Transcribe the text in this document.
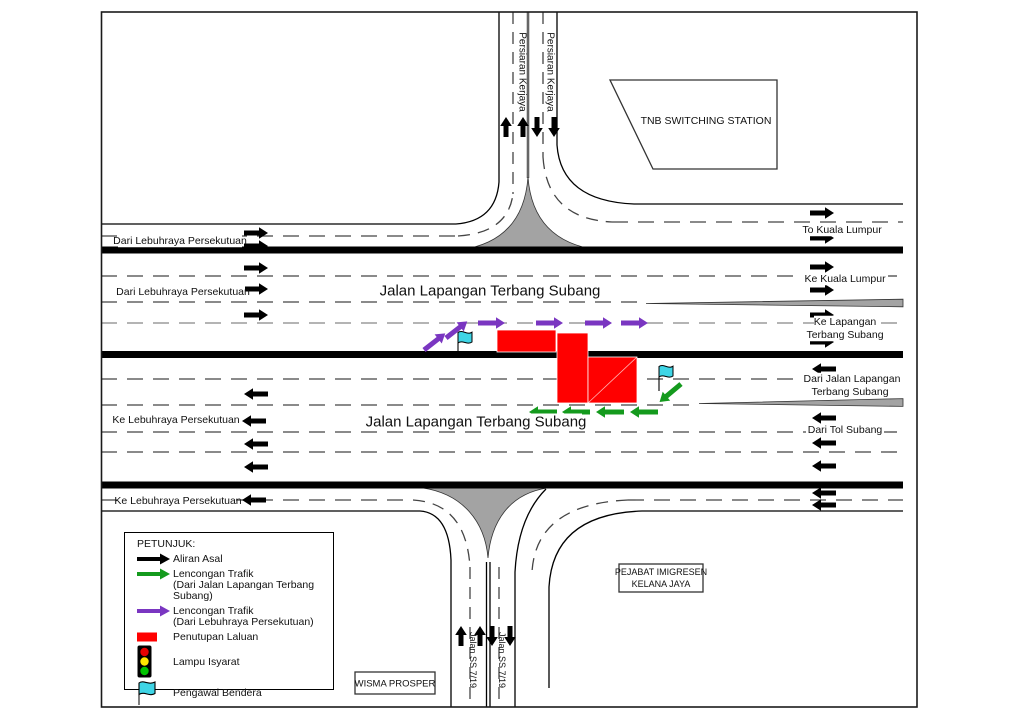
Dari Lebuhraya Persekutuan
Dari Lebuhraya Persekutuan
Ke Lebuhraya Persekutuan
Ke Lebuhraya Persekutuan
Jalan Lapangan Terbang Subang
Jalan Lapangan Terbang Subang
To Kuala Lumpur
Ke Kuala Lumpur
Ke Lapangan
Terbang Subang
Dari Jalan Lapangan
Terbang Subang
Dari Tol Subang
Persiaran Kerjaya Persiaran Kerjaya
Jalan SS 7/19 Jalan SS 7/19
TNB SWITCHING STATION
PEJABAT IMIGRESEN
KELANA JAYA
WISMA PROSPER
PETUNJUK:
Aliran Asal
Lencongan Trafik
(Dari Jalan Lapangan Terbang Subang)
Lencongan Trafik
(Dari Lebuhraya Persekutuan)
Penutupan Laluan
Lampu Isyarat
Pengawal Bendera
